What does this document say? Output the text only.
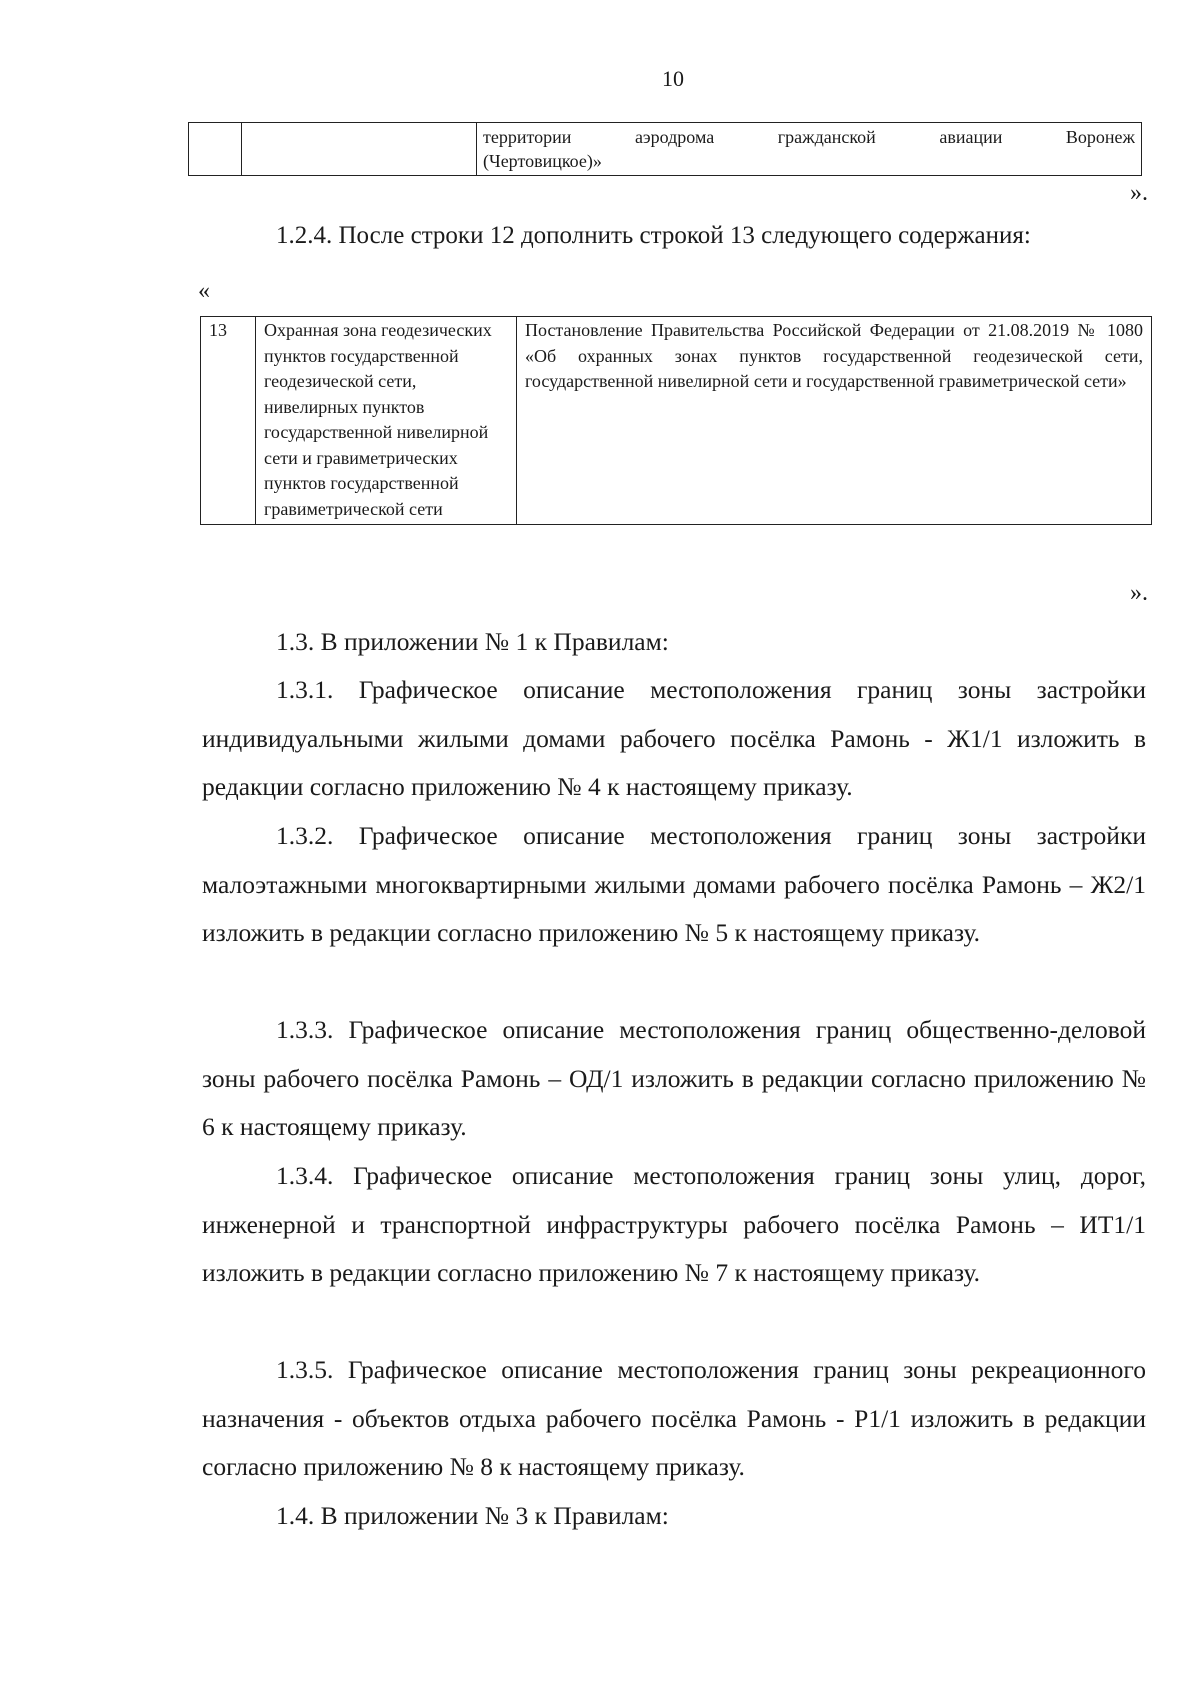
10

территории аэродрома гражданской авиации Воронеж
(Чертовицкое)»
».
1.2.4. После строки 12 дополнить строкой 13 следующего содержания:
«
13	Охранная зона геодезических пунктов государственной геодезической сети, нивелирных пунктов государственной нивелирной сети и гравиметрических пунктов государственной гравиметрической сети	Постановление Правительства Российской Федерации от 21.08.2019 № 1080 «Об охранных зонах пунктов государственной геодезической сети, государственной нивелирной сети и государственной гравиметрической сети»
».

1.3. В приложении № 1 к Правилам:

1.3.1. Графическое описание местоположения границ зоны застройки индивидуальными жилыми домами рабочего посёлка Рамонь - Ж1/1 изложить в редакции согласно приложению № 4 к настоящему приказу.

1.3.2. Графическое описание местоположения границ зоны застройки малоэтажными многоквартирными жилыми домами рабочего посёлка Рамонь – Ж2/1 изложить в редакции согласно приложению № 5 к настоящему приказу.

1.3.3. Графическое описание местоположения границ общественно-деловой зоны рабочего посёлка Рамонь – ОД/1 изложить в редакции согласно приложению № 6 к настоящему приказу.

1.3.4. Графическое описание местоположения границ зоны улиц, дорог, инженерной и транспортной инфраструктуры рабочего посёлка Рамонь – ИТ1/1 изложить в редакции согласно приложению № 7 к настоящему приказу.

1.3.5. Графическое описание местоположения границ зоны рекреационного назначения - объектов отдыха рабочего посёлка Рамонь - Р1/1 изложить в редакции согласно приложению № 8 к настоящему приказу.

1.4. В приложении № 3 к Правилам:
